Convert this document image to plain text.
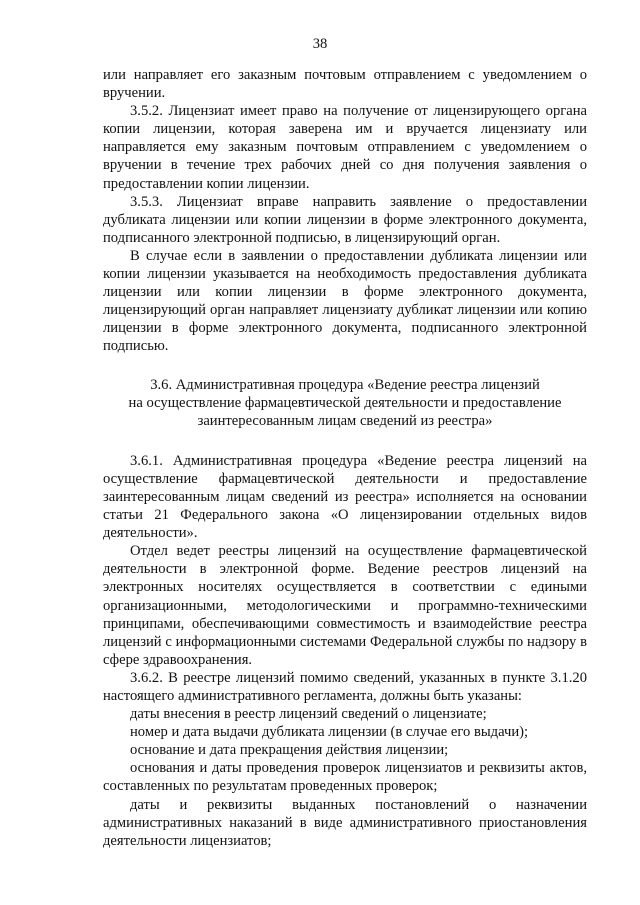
38

или направляет его заказным почтовым отправлением с уведомлением о вручении.

3.5.2. Лицензиат имеет право на получение от лицензирующего органа копии лицензии, которая заверена им и вручается лицензиату или направляется ему заказным почтовым отправлением с уведомлением о вручении в течение трех рабочих дней со дня получения заявления о предоставлении копии лицензии.

3.5.3. Лицензиат вправе направить заявление о предоставлении дубликата лицензии или копии лицензии в форме электронного документа, подписанного электронной подписью, в лицензирующий орган.

В случае если в заявлении о предоставлении дубликата лицензии или копии лицензии указывается на необходимость предоставления дубликата лицензии или копии лицензии в форме электронного документа, лицензирующий орган направляет лицензиату дубликат лицензии или копию лицензии в форме электронного документа, подписанного электронной подписью.

3.6. Административная процедура «Ведение реестра лицензий
на осуществление фармацевтической деятельности и предоставление
заинтересованным лицам сведений из реестра»

3.6.1. Административная процедура «Ведение реестра лицензий на осуществление фармацевтической деятельности и предоставление заинтересованным лицам сведений из реестра» исполняется на основании статьи 21 Федерального закона «О лицензировании отдельных видов деятельности».

Отдел ведет реестры лицензий на осуществление фармацевтической деятельности в электронной форме. Ведение реестров лицензий на электронных носителях осуществляется в соответствии с едиными организационными, методологическими и программно-техническими принципами, обеспечивающими совместимость и взаимодействие реестра лицензий с информационными системами Федеральной службы по надзору в сфере здравоохранения.

3.6.2. В реестре лицензий помимо сведений, указанных в пункте 3.1.20 настоящего административного регламента, должны быть указаны:

даты внесения в реестр лицензий сведений о лицензиате;

номер и дата выдачи дубликата лицензии (в случае его выдачи);

основание и дата прекращения действия лицензии;

основания и даты проведения проверок лицензиатов и реквизиты актов, составленных по результатам проведенных проверок;

даты и реквизиты выданных постановлений о назначении административных наказаний в виде административного приостановления деятельности лицензиатов;
